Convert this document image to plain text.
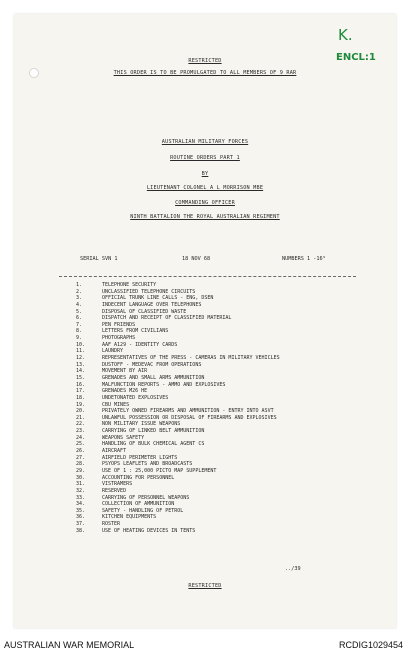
K.
ENCL:1
RESTRICTED
THIS ORDER IS TO BE PROMULGATED TO ALL MEMBERS OF 9 RAR
AUSTRALIAN MILITARY FORCES
ROUTINE ORDERS PART 1
BY
LIEUTENANT COLONEL A L MORRISON MBE
COMMANDING OFFICER
NINTH BATTALION THE ROYAL AUSTRALIAN REGIMENT
SERIAL SVN 1	18 NOV 68	NUMBERS 1 -16⁹
1.	TELEPHONE SECURITY
2.	UNCLASSIFIED TELEPHONE CIRCUITS
3.	OFFICIAL TRUNK LINE CALLS - ENG, DSEN
4.	INDECENT LANGUAGE OVER TELEPHONES
5.	DISPOSAL OF CLASSIFIED WASTE
6.	DISPATCH AND RECEIPT OF CLASSIFIED MATERIAL
7.	PEN FRIENDS
8.	LETTERS FROM CIVILIANS
9.	PHOTOGRAPHS
10.	AAF A129 - IDENTITY CARDS
11.	LAUNDRY
12.	REPRESENTATIVES OF THE PRESS - CAMERAS IN MILITARY VEHICLES
13.	DUSTOFF - MEDEVAC FROM OPERATIONS
14.	MOVEMENT BY AIR
15.	GRENADES AND SMALL ARMS AMMUNITION
16.	MALFUNCTION REPORTS - AMMO AND EXPLOSIVES
17.	GRENADES M26 HE
18.	UNDETONATED EXPLOSIVES
19.	CBU MINES
20.	PRIVATELY OWNED FIREARMS AND AMMUNITION - ENTRY INTO ASVT
21.	UNLAWFUL POSSESSION OR DISPOSAL OF FIREARMS AND EXPLOSIVES
22.	NON MILITARY ISSUE WEAPONS
23.	CARRYING OF LINKED BELT AMMUNITION
24.	WEAPONS SAFETY
25.	HANDLING OF BULK CHEMICAL AGENT CS
26.	AIRCRAFT
27.	AIRFIELD PERIMETER LIGHTS
28.	PSYOPS LEAFLETS AND BROADCASTS
29.	USE OF 1 : 25,000 PICTO MAP SUPPLEMENT
30.	ACCOUNTING FOR PERSONNEL
31.	VISTRAMERS
32.	RESERVED
33.	CARRYING OF PERSONNEL WEAPONS
34.	COLLECTION OF AMMUNITION
35.	SAFETY - HANDLING OF PETROL
36.	KITCHEN EQUIPMENTS
37.	ROSTER
38.	USE OF HEATING DEVICES IN TENTS
../39
RESTRICTED
AUSTRALIAN WAR MEMORIAL	RCDIG1029454
